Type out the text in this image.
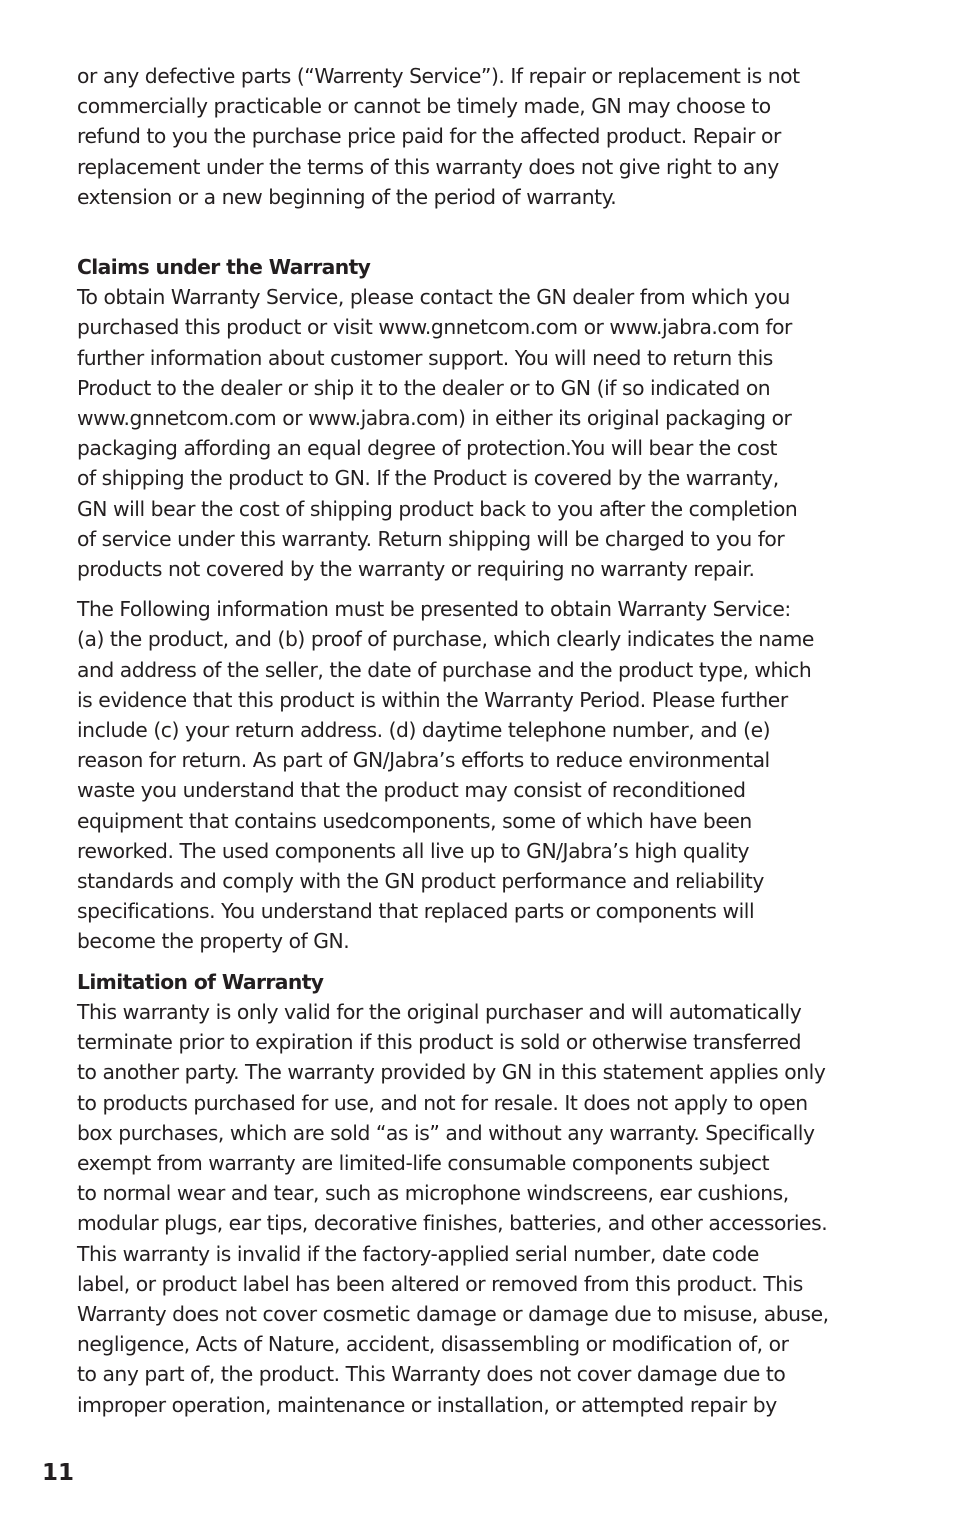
or any defective parts (“Warrenty Service”). If repair or replacement is not
commercially practicable or cannot be timely made, GN may choose to
refund to you the purchase price paid for the affected product. Repair or
replacement under the terms of this warranty does not give right to any
extension or a new beginning of the period of warranty.
Claims under the Warranty
To obtain Warranty Service, please contact the GN dealer from which you
purchased this product or visit www.gnnetcom.com or www.jabra.com for
further information about customer support. You will need to return this
Product to the dealer or ship it to the dealer or to GN (if so indicated on
www.gnnetcom.com or www.jabra.com) in either its original packaging or
packaging affording an equal degree of protection.You will bear the cost
of shipping the product to GN. If the Product is covered by the warranty,
GN will bear the cost of shipping product back to you after the completion
of service under this warranty. Return shipping will be charged to you for
products not covered by the warranty or requiring no warranty repair.
The Following information must be presented to obtain Warranty Service:
(a) the product, and (b) proof of purchase, which clearly indicates the name
and address of the seller, the date of purchase and the product type, which
is evidence that this product is within the Warranty Period. Please further
include (c) your return address. (d) daytime telephone number, and (e)
reason for return. As part of GN/Jabra’s efforts to reduce environmental
waste you understand that the product may consist of reconditioned
equipment that contains usedcomponents, some of which have been
reworked. The used components all live up to GN/Jabra’s high quality
standards and comply with the GN product performance and reliability
specifications. You understand that replaced parts or components will
become the property of GN.
Limitation of Warranty
This warranty is only valid for the original purchaser and will automatically
terminate prior to expiration if this product is sold or otherwise transferred
to another party. The warranty provided by GN in this statement applies only
to products purchased for use, and not for resale. It does not apply to open
box purchases, which are sold “as is” and without any warranty. Specifically
exempt from warranty are limited-life consumable components subject
to normal wear and tear, such as microphone windscreens, ear cushions,
modular plugs, ear tips, decorative finishes, batteries, and other accessories.
This warranty is invalid if the factory-applied serial number, date code
label, or product label has been altered or removed from this product. This
Warranty does not cover cosmetic damage or damage due to misuse, abuse,
negligence, Acts of Nature, accident, disassembling or modification of, or
to any part of, the product. This Warranty does not cover damage due to
improper operation, maintenance or installation, or attempted repair by
11
